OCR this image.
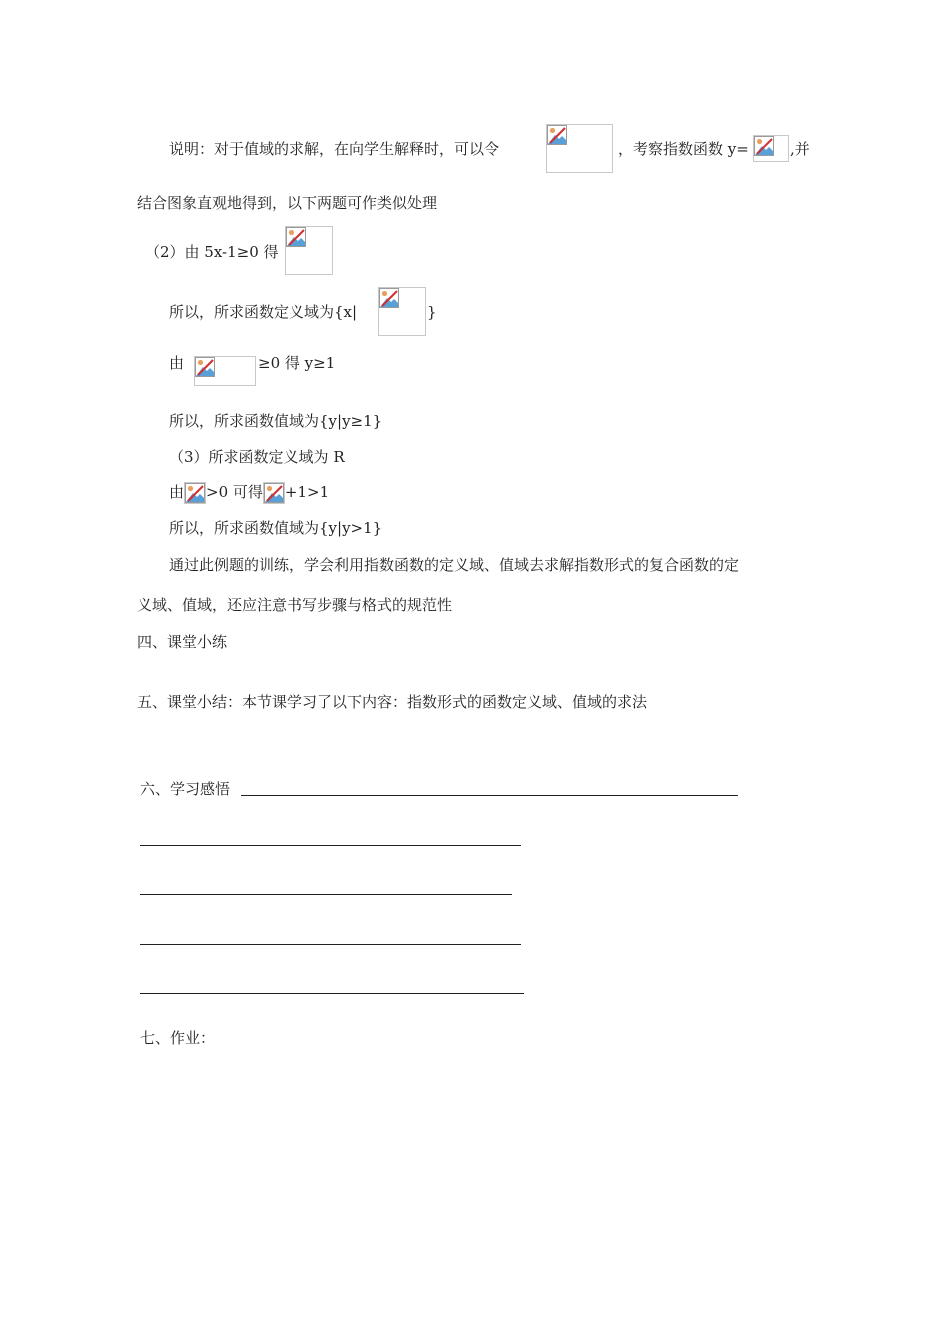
说明：对于值域的求解，在向学生解释时，可以令	，考察指数函数 y=	,并
结合图象直观地得到，以下两题可作类似处理
（2）由 5x-1≥0 得
所以，所求函数定义域为{x|	}
由	≥0 得 y≥1
所以，所求函数值域为{y|y≥1}
（3）所求函数定义域为 R
由 >0 可得 +1>1
所以，所求函数值域为{y|y>1}
通过此例题的训练，学会利用指数函数的定义域、值域去求解指数形式的复合函数的定
义域、值域，还应注意书写步骤与格式的规范性
四、课堂小练
五、课堂小结：本节课学习了以下内容：指数形式的函数定义域、值域的求法
六、学习感悟
七、作业：
